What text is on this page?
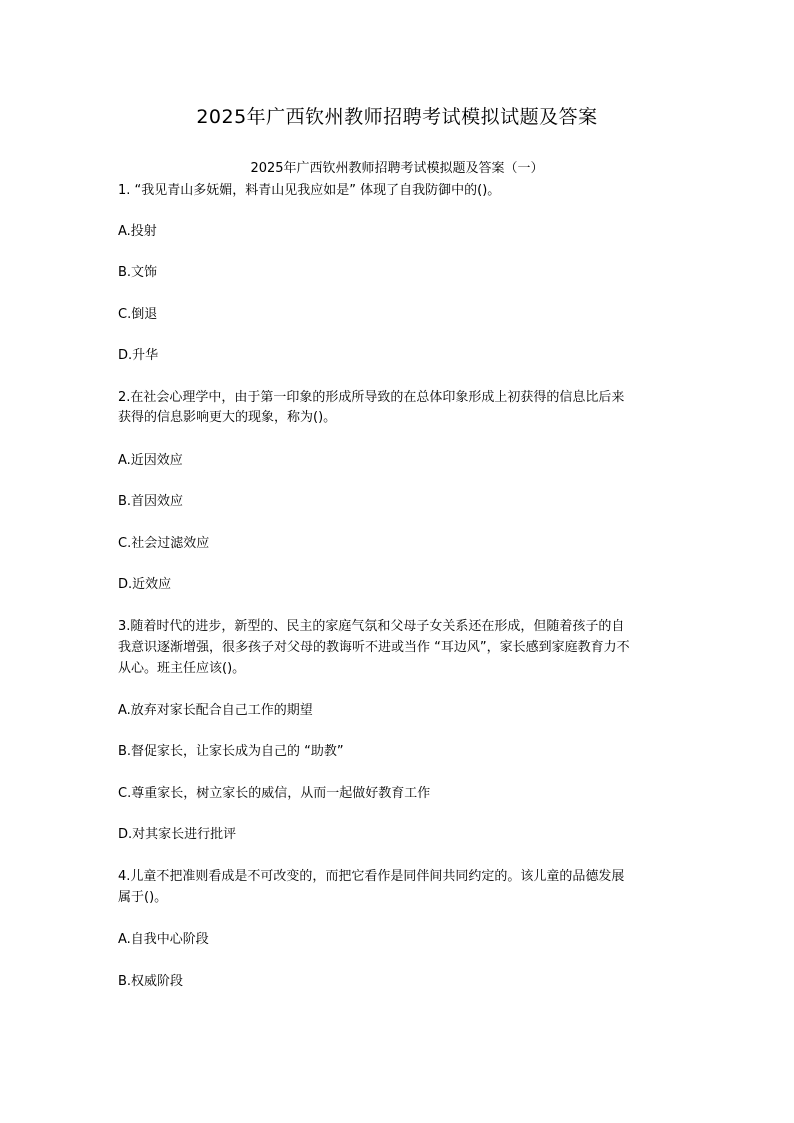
2025年广西钦州教师招聘考试模拟试题及答案
2025年广西钦州教师招聘考试模拟题及答案（一）
1. “我见青山多妩媚，料青山见我应如是” 体现了自我防御中的()。
A.投射
B.文饰
C.倒退
D.升华
2.在社会心理学中，由于第一印象的形成所导致的在总体印象形成上初获得的信息比后来
获得的信息影响更大的现象，称为()。
A.近因效应
B.首因效应
C.社会过滤效应
D.近效应
3.随着时代的进步，新型的、民主的家庭气氛和父母子女关系还在形成，但随着孩子的自
我意识逐渐增强，很多孩子对父母的教诲听不进或当作 “耳边风”，家长感到家庭教育力不
从心。班主任应该()。
A.放弃对家长配合自己工作的期望
B.督促家长，让家长成为自己的 “助教”
C.尊重家长，树立家长的威信，从而一起做好教育工作
D.对其家长进行批评
4.儿童不把准则看成是不可改变的，而把它看作是同伴间共同约定的。该儿童的品德发展
属于()。
A.自我中心阶段
B.权威阶段
